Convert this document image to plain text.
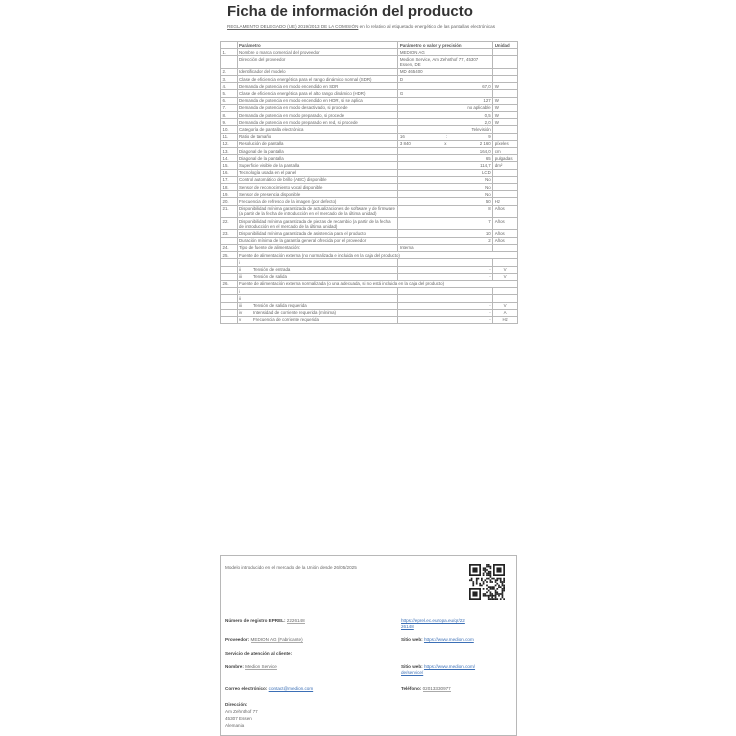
Ficha de información del producto
REGLAMENTO DELEGADO (UE) 2019/2013 DE LA COMISIÓN en lo relativo al etiquetado energético de las pantallas electrónicas
	Parámetro	Parámetro o valor y precisión	Unidad
1.	Nombre o marca comercial del proveedor	MEDION AG	
	Dirección del proveedor	Medion Service, Am Zehnthof 77, 45307 Essen, DE	
2.	Identificador del modelo	MD 465400	
3.	Clase de eficiencia energética para el rango dinámico normal (SDR)	D	
4.	Demanda de potencia en modo encendido en SDR	67,0	W
5.	Clase de eficiencia energética para el alto rango dinámico (HDR)	G	
6.	Demanda de potencia en modo encendido en HDR, si se aplica	127	W
7.	Demanda de potencia en modo desactivado, si procede	no aplicable	W
8.	Demanda de potencia en modo preparado, si procede	0,5	W
9.	Demanda de potencia en modo preparado en red, si procede	2,0	W
10.	Categoría de pantalla electrónica	Televisión	
11.	Ratio de tamaño	16 : 9	

12.	Resolución de pantalla	3 840 x 2 160	píxeles
13.	Diagonal de la pantalla	164,0	cm
14.	Diagonal de la pantalla	65	pulgadas
15.	Superficie visible de la pantalla	114,7	dm²
16.	Tecnología usada en el panel	LCD	
17.	Control automático de brillo (ABC) disponible	No	
18.	Sensor de reconocimiento vocal disponible	No	
19.	Sensor de presencia disponible	No	
20.	Frecuencia de refresco de la imagen (por defecto)	50	Hz
21.	Disponibilidad mínima garantizada de actualizaciones de software y de firmware (a partir de la fecha de introducción en el mercado de la última unidad)	8	Años
22.	Disponibilidad mínima garantizada de piezas de recambio (a partir de la fecha de introducción en el mercado de la última unidad)	7	Años
23.	Disponibilidad mínima garantizada de asistencia para el producto	10	Años
	Duración mínima de la garantía general ofrecida por el proveedor	2	Años
24.	Tipo de fuente de alimentación:	Interna	
25.	Fuente de alimentación externa (no normalizada e incluida en la caja del producto)		
	i		
	ii Tensión de entrada	-	V
	iii Tensión de salida	-	V
26.	Fuente de alimentación externa normalizada (o una adecuada, si no está incluida en la caja del producto)		
	i		
	ii		
	iii Tensión de salida requerida	-	V
	iv Intensidad de corriente requerida (mínima)	-	A
	v Frecuencia de corriente requerida	-	Hz
Modelo introducido en el mercado de la Unión desde 26/05/2025
Número de registro EPREL: 2226148	https://eprel.ec.europa.eu/qr/22
26148
Proveedor: MEDION AG (Fabricante)	Sitio web: https://www.medion.com
Servicio de atención al cliente:
Nombre: Medion Service	Sitio web: https://www.medion.com/
de/service/
Correo electrónico: contact@medion.com	Teléfono: 02013330977
Dirección:
Am Zehnthof 77
45307 Essen
Alemania
